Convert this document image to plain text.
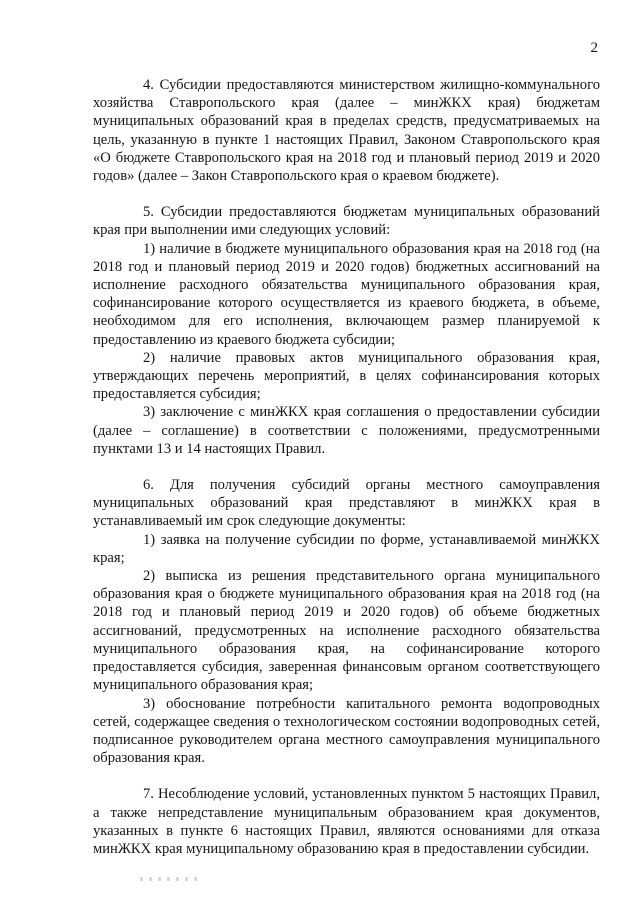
2

4. Субсидии предоставляются министерством жилищно-коммунального хозяйства Ставропольского края (далее – минЖКХ края) бюджетам муниципальных образований края в пределах средств, предусматриваемых на цель, указанную в пункте 1 настоящих Правил, Законом Ставропольского края «О бюджете Ставропольского края на 2018 год и плановый период 2019 и 2020 годов» (далее – Закон Ставропольского края о краевом бюджете).

5. Субсидии предоставляются бюджетам муниципальных образований края при выполнении ими следующих условий:

1) наличие в бюджете муниципального образования края на 2018 год (на 2018 год и плановый период 2019 и 2020 годов) бюджетных ассигнований на исполнение расходного обязательства муниципального образования края, софинансирование которого осуществляется из краевого бюджета, в объеме, необходимом для его исполнения, включающем размер планируемой к предоставлению из краевого бюджета субсидии;

2) наличие правовых актов муниципального образования края, утверждающих перечень мероприятий, в целях софинансирования которых предоставляется субсидия;

3) заключение с минЖКХ края соглашения о предоставлении субсидии (далее – соглашение) в соответствии с положениями, предусмотренными пунктами 13 и 14 настоящих Правил.

6. Для получения субсидий органы местного самоуправления муниципальных образований края представляют в минЖКХ края в устанавливаемый им срок следующие документы:

1) заявка на получение субсидии по форме, устанавливаемой минЖКХ края;

2) выписка из решения представительного органа муниципального образования края о бюджете муниципального образования края на 2018 год (на 2018 год и плановый период 2019 и 2020 годов) об объеме бюджетных ассигнований, предусмотренных на исполнение расходного обязательства муниципального образования края, на софинансирование которого предоставляется субсидия, заверенная финансовым органом соответствующего муниципального образования края;

3) обоснование потребности капитального ремонта водопроводных сетей, содержащее сведения о технологическом состоянии водопроводных сетей, подписанное руководителем органа местного самоуправления муниципального образования края.

7. Несоблюдение условий, установленных пунктом 5 настоящих Правил, а также непредставление муниципальным образованием края документов, указанных в пункте 6 настоящих Правил, являются основаниями для отказа минЖКХ края муниципальному образованию края в предоставлении субсидии.
